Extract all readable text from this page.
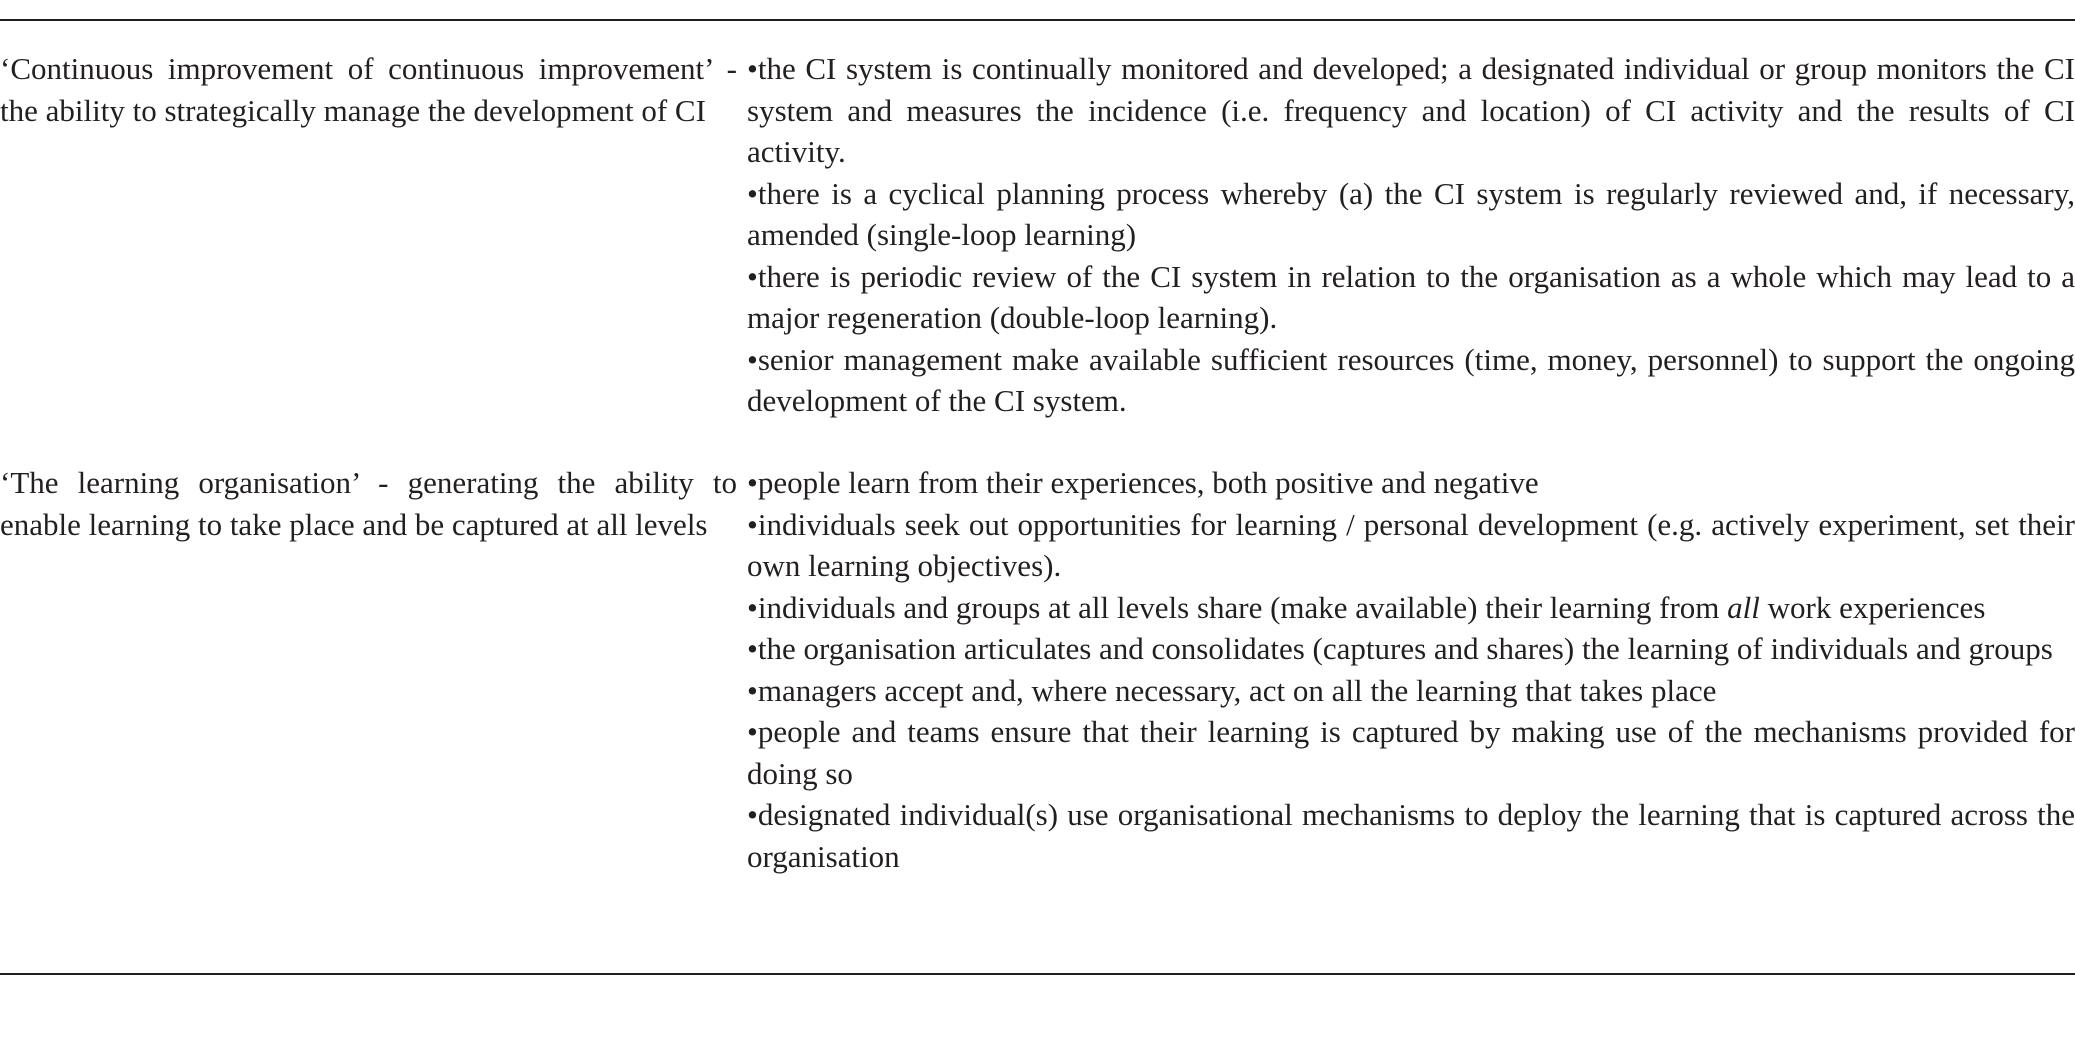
‘Continuous improvement of continuous improvement’ - the ability to strategically manage the development of CI

•the CI system is continually monitored and developed; a designated individual or group monitors the CI system and measures the incidence (i.e. frequency and location) of CI activity and the results of CI activity.

•there is a cyclical planning process whereby (a) the CI system is regularly reviewed and, if necessary, amended (single-loop learning)

•there is periodic review of the CI system in relation to the organisation as a whole which may lead to a major regeneration (double-loop learning).

•senior management make available sufficient resources (time, money, personnel) to support the ongoing development of the CI system.

‘The learning organisation’ - generating the ability to enable learning to take place and be captured at all levels

•people learn from their experiences, both positive and negative

•individuals seek out opportunities for learning / personal development (e.g. actively experiment, set their own learning objectives).

•individuals and groups at all levels share (make available) their learning from all work experiences

•the organisation articulates and consolidates (captures and shares) the learning of individuals and groups

•managers accept and, where necessary, act on all the learning that takes place

•people and teams ensure that their learning is captured by making use of the mechanisms provided for doing so

•designated individual(s) use organisational mechanisms to deploy the learning that is captured across the organisation
